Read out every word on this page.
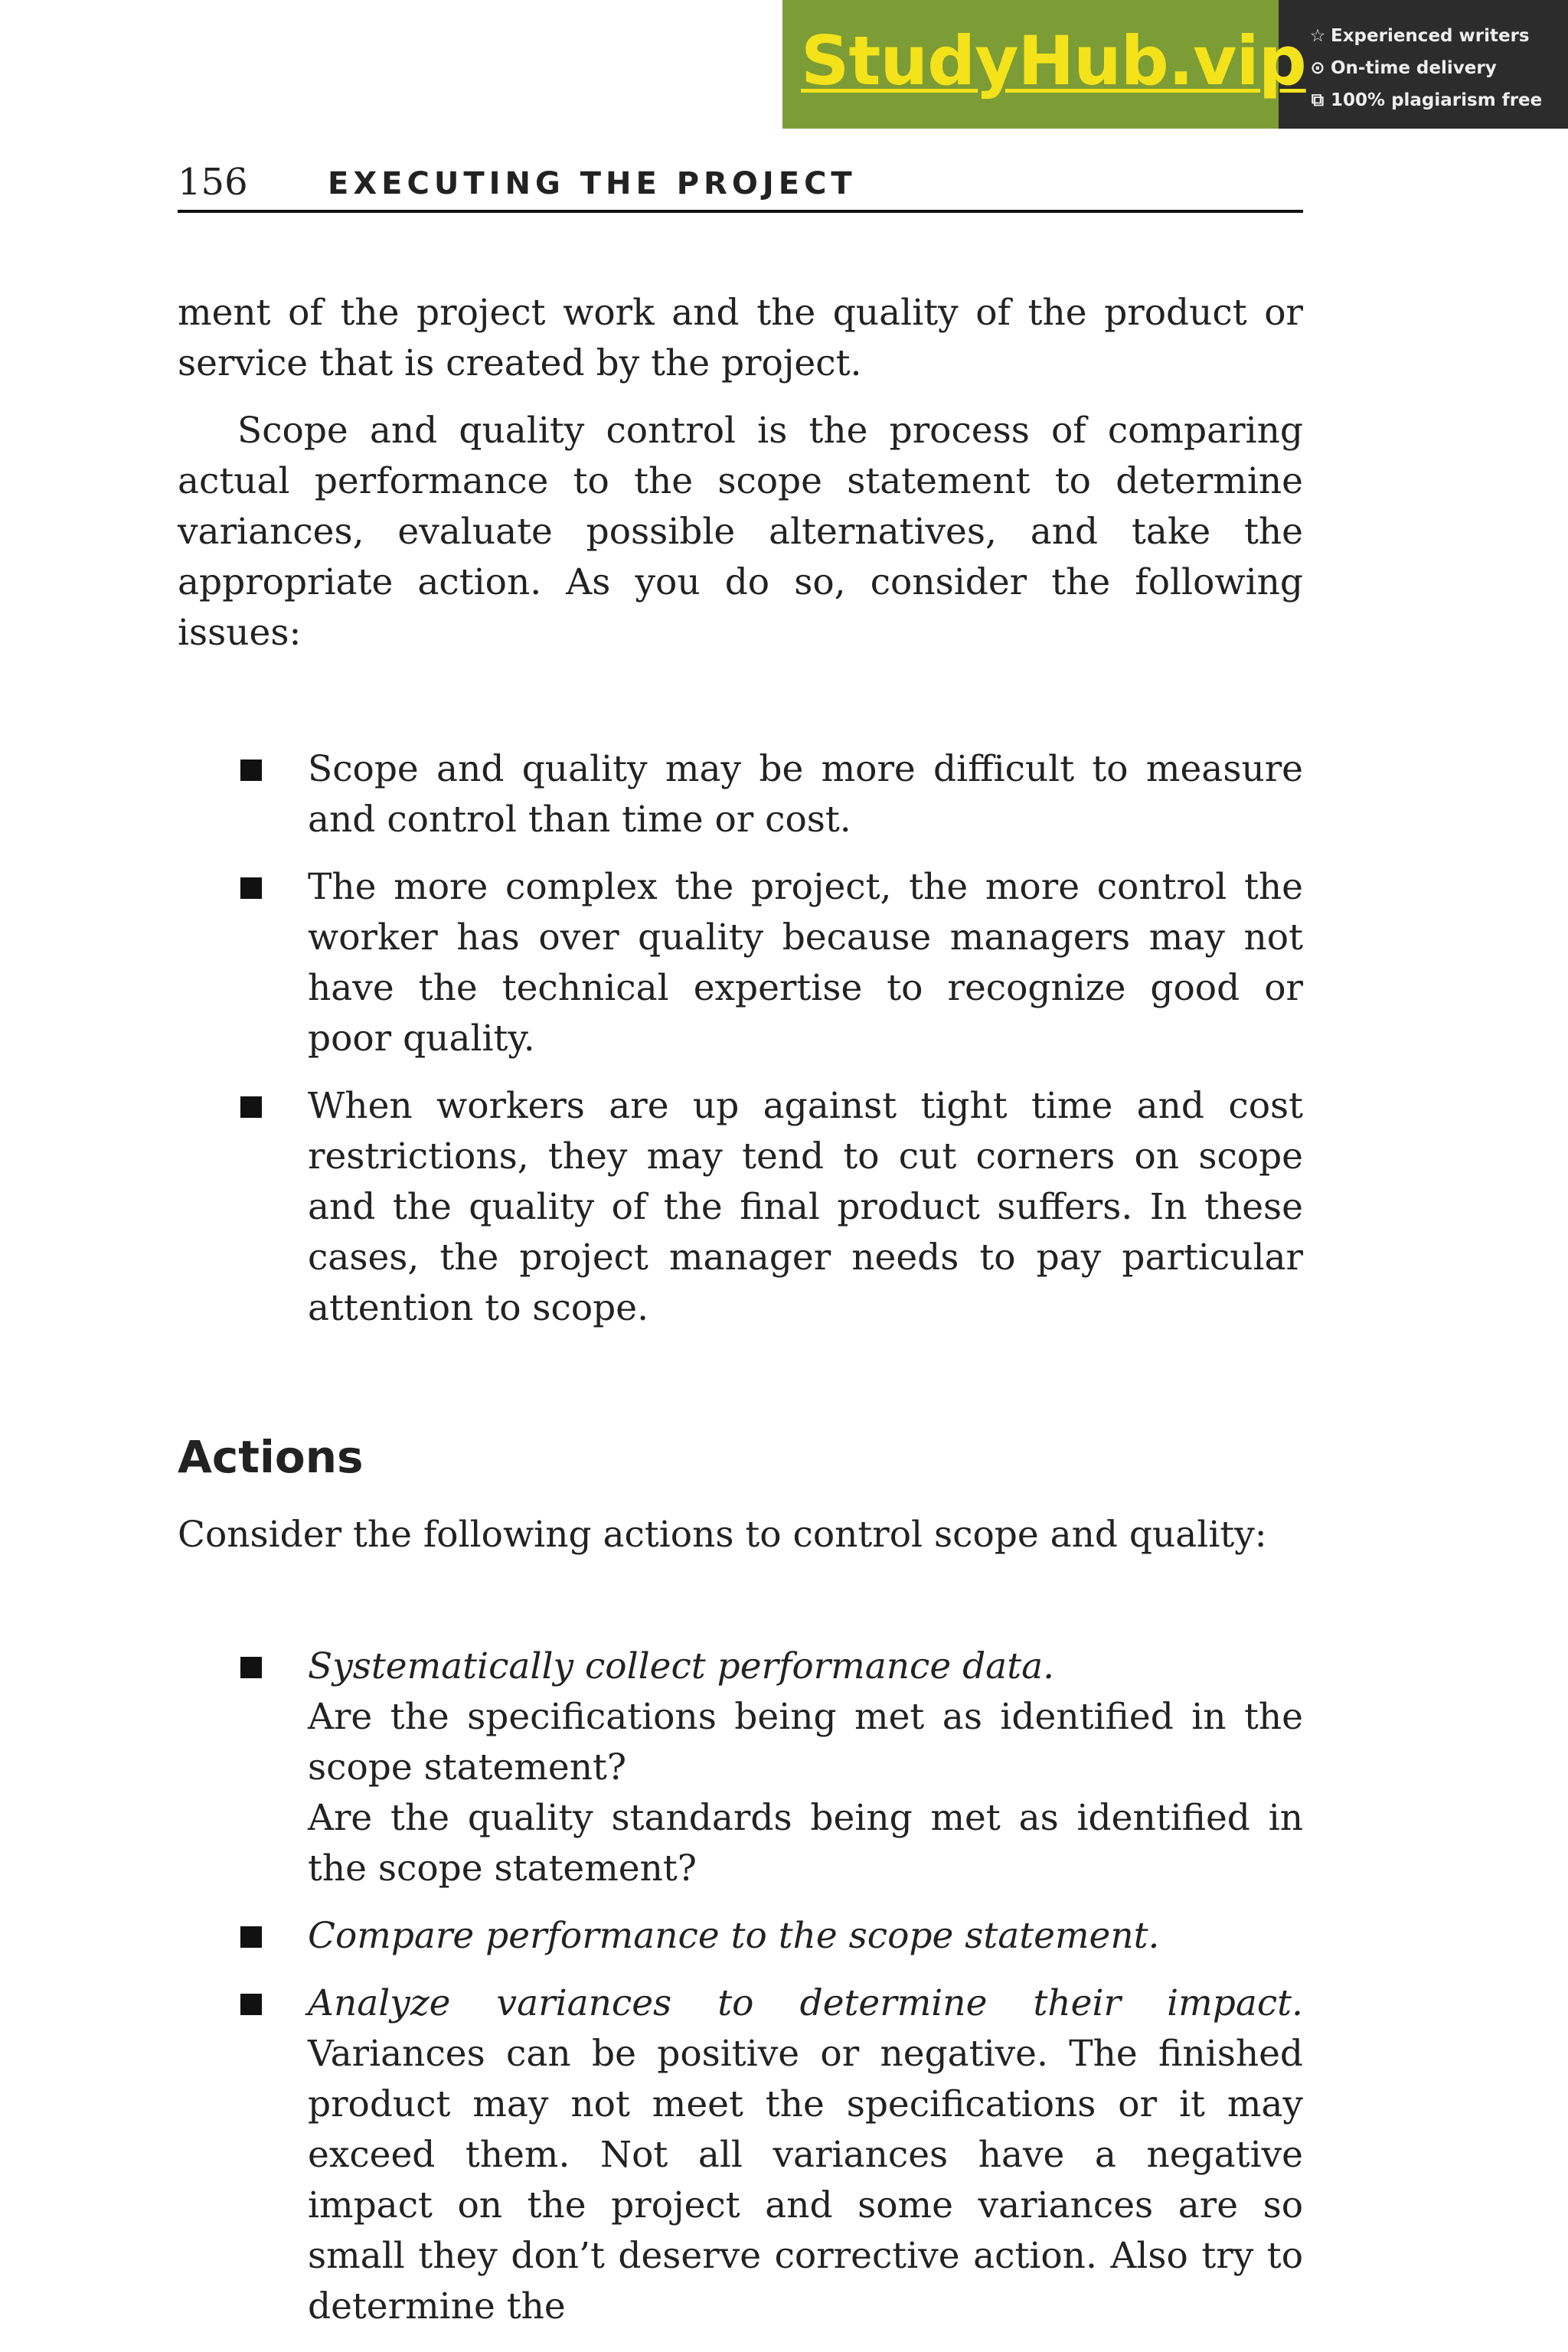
StudyHub.vip ☆ Experienced writers
⊙ On-time delivery
⧉ 100% plagiarism free
156	EXECUTING THE PROJECT

ment of the project work and the quality of the product or service that is created by the project.

Scope and quality control is the process of comparing actual performance to the scope statement to determine variances, evaluate possible alternatives, and take the appropriate action. As you do so, consider the following issues:

Scope and quality may be more difficult to measure and control than time or cost.
The more complex the project, the more control the worker has over quality because managers may not have the technical expertise to recognize good or poor quality.
When workers are up against tight time and cost restrictions, they may tend to cut corners on scope and the quality of the final product suffers. In these cases, the project manager needs to pay particular attention to scope.
Actions

Consider the following actions to control scope and quality:

Systematically collect performance data.
Are the specifications being met as identified in the scope statement?
Are the quality standards being met as identified in the scope statement?
Compare performance to the scope statement.
Analyze variances to determine their impact. Variances can be positive or negative. The finished product may not meet the specifications or it may exceed them. Not all variances have a negative impact on the project and some variances are so small they don’t deserve corrective action. Also try to determine the
